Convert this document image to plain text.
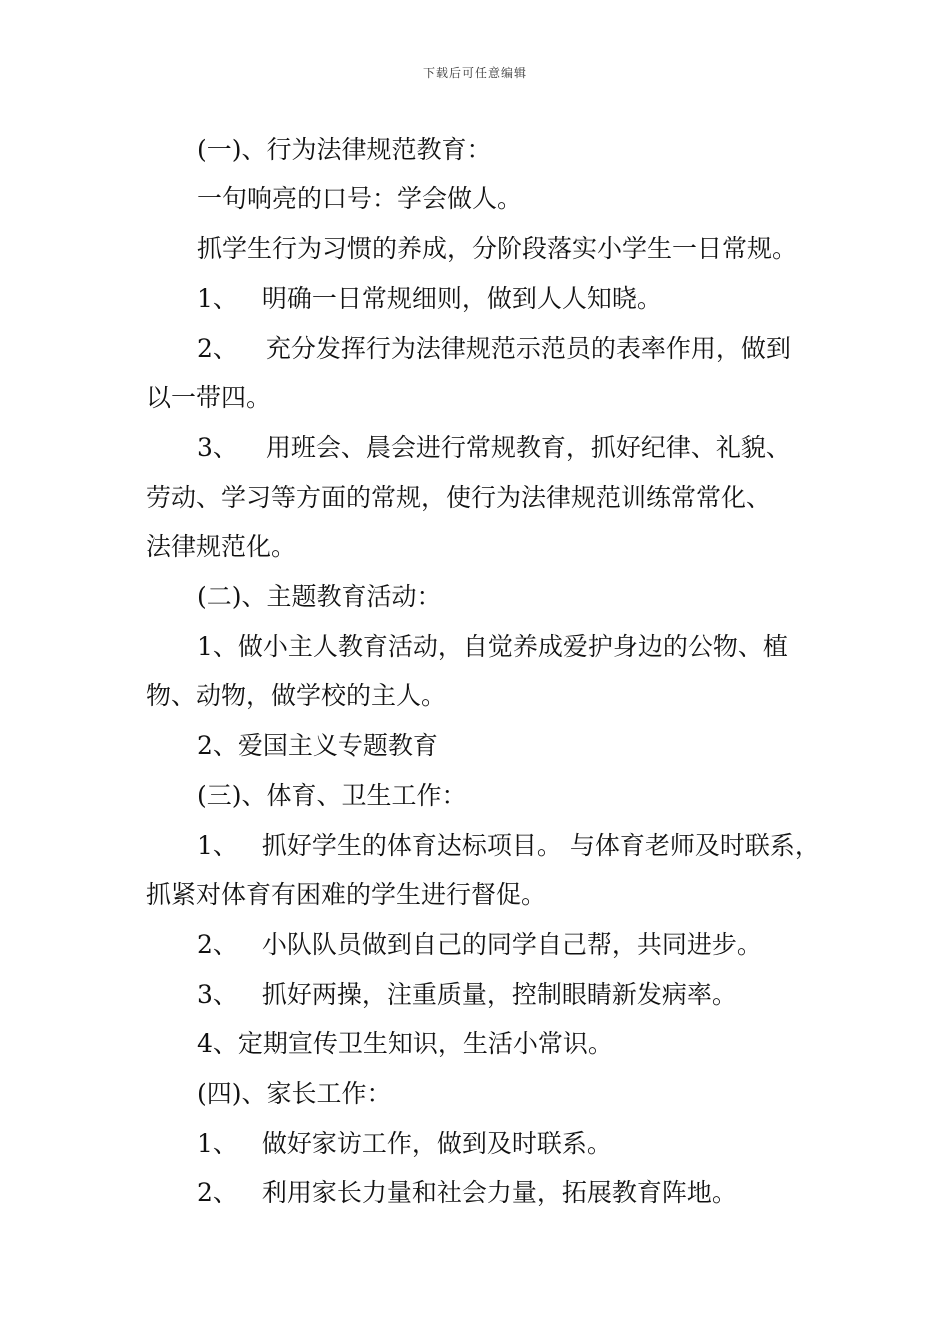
下载后可任意编辑
(一)、行为法律规范教育：
一句响亮的口号：学会做人。
抓学生行为习惯的养成，分阶段落实小学生一日常规。
1、 明确一日常规细则，做到人人知晓。
2、 充分发挥行为法律规范示范员的表率作用，做到
以一带四。
3、 用班会、晨会进行常规教育，抓好纪律、礼貌、
劳动、学习等方面的常规，使行为法律规范训练常常化、
法律规范化。
(二)、主题教育活动：
1、做小主人教育活动，自觉养成爱护身边的公物、植
物、动物，做学校的主人。
2、爱国主义专题教育
(三)、体育、卫生工作：
1、 抓好学生的体育达标项目。 与体育老师及时联系，
抓紧对体育有困难的学生进行督促。
2、 小队队员做到自己的同学自己帮，共同进步。
3、 抓好两操，注重质量，控制眼睛新发病率。
4、定期宣传卫生知识，生活小常识。
(四)、家长工作：
1、 做好家访工作，做到及时联系。
2、 利用家长力量和社会力量，拓展教育阵地。
